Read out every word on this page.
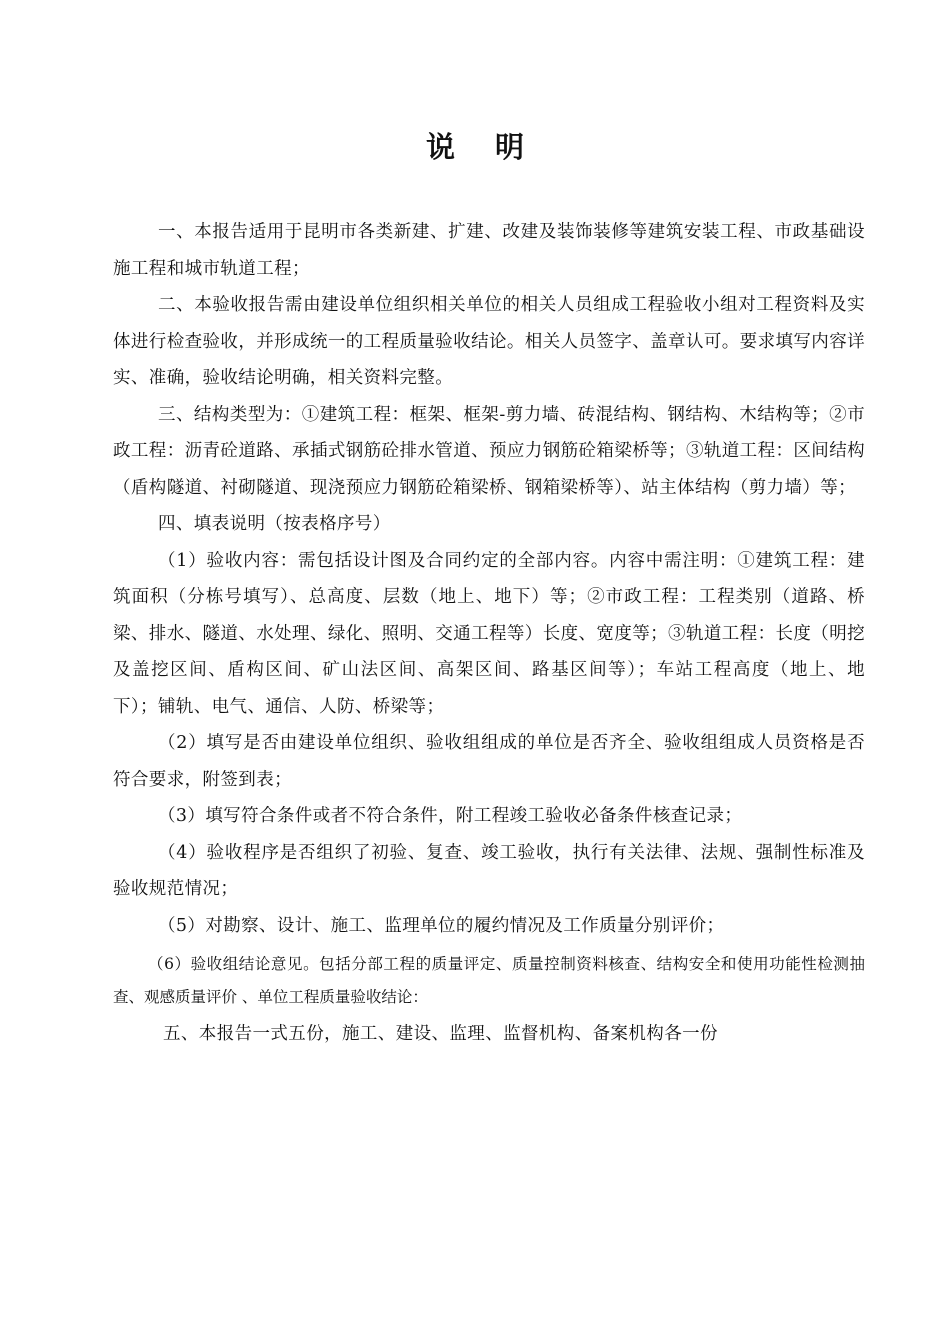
说明

一、本报告适用于昆明市各类新建、扩建、改建及装饰装修等建筑安装工程、市政基础设施工程和城市轨道工程；

二、本验收报告需由建设单位组织相关单位的相关人员组成工程验收小组对工程资料及实体进行检查验收，并形成统一的工程质量验收结论。相关人员签字、盖章认可。要求填写内容详实、准确，验收结论明确，相关资料完整。

三、结构类型为：①建筑工程：框架、框架-剪力墙、砖混结构、钢结构、木结构等；②市政工程：沥青砼道路、承插式钢筋砼排水管道、预应力钢筋砼箱梁桥等；③轨道工程：区间结构（盾构隧道、衬砌隧道、现浇预应力钢筋砼箱梁桥、钢箱梁桥等）、站主体结构（剪力墙）等；

四、填表说明（按表格序号）

（1）验收内容：需包括设计图及合同约定的全部内容。内容中需注明：①建筑工程：建筑面积（分栋号填写）、总高度、层数（地上、地下）等；②市政工程：工程类别（道路、桥梁、排水、隧道、水处理、绿化、照明、交通工程等）长度、宽度等；③轨道工程：长度（明挖及盖挖区间、盾构区间、矿山法区间、高架区间、路基区间等）；车站工程高度（地上、地下）；铺轨、电气、通信、人防、桥梁等；

（2）填写是否由建设单位组织、验收组组成的单位是否齐全、验收组组成人员资格是否符合要求，附签到表；

（3）填写符合条件或者不符合条件，附工程竣工验收必备条件核查记录；

（4）验收程序是否组织了初验、复查、竣工验收，执行有关法律、法规、强制性标准及验收规范情况；

（5）对勘察、设计、施工、监理单位的履约情况及工作质量分别评价；

（6）验收组结论意见。包括分部工程的质量评定、质量控制资料核查、结构安全和使用功能性检测抽查、观感质量评价 、单位工程质量验收结论：

五、本报告一式五份，施工、建设、监理、监督机构、备案机构各一份
